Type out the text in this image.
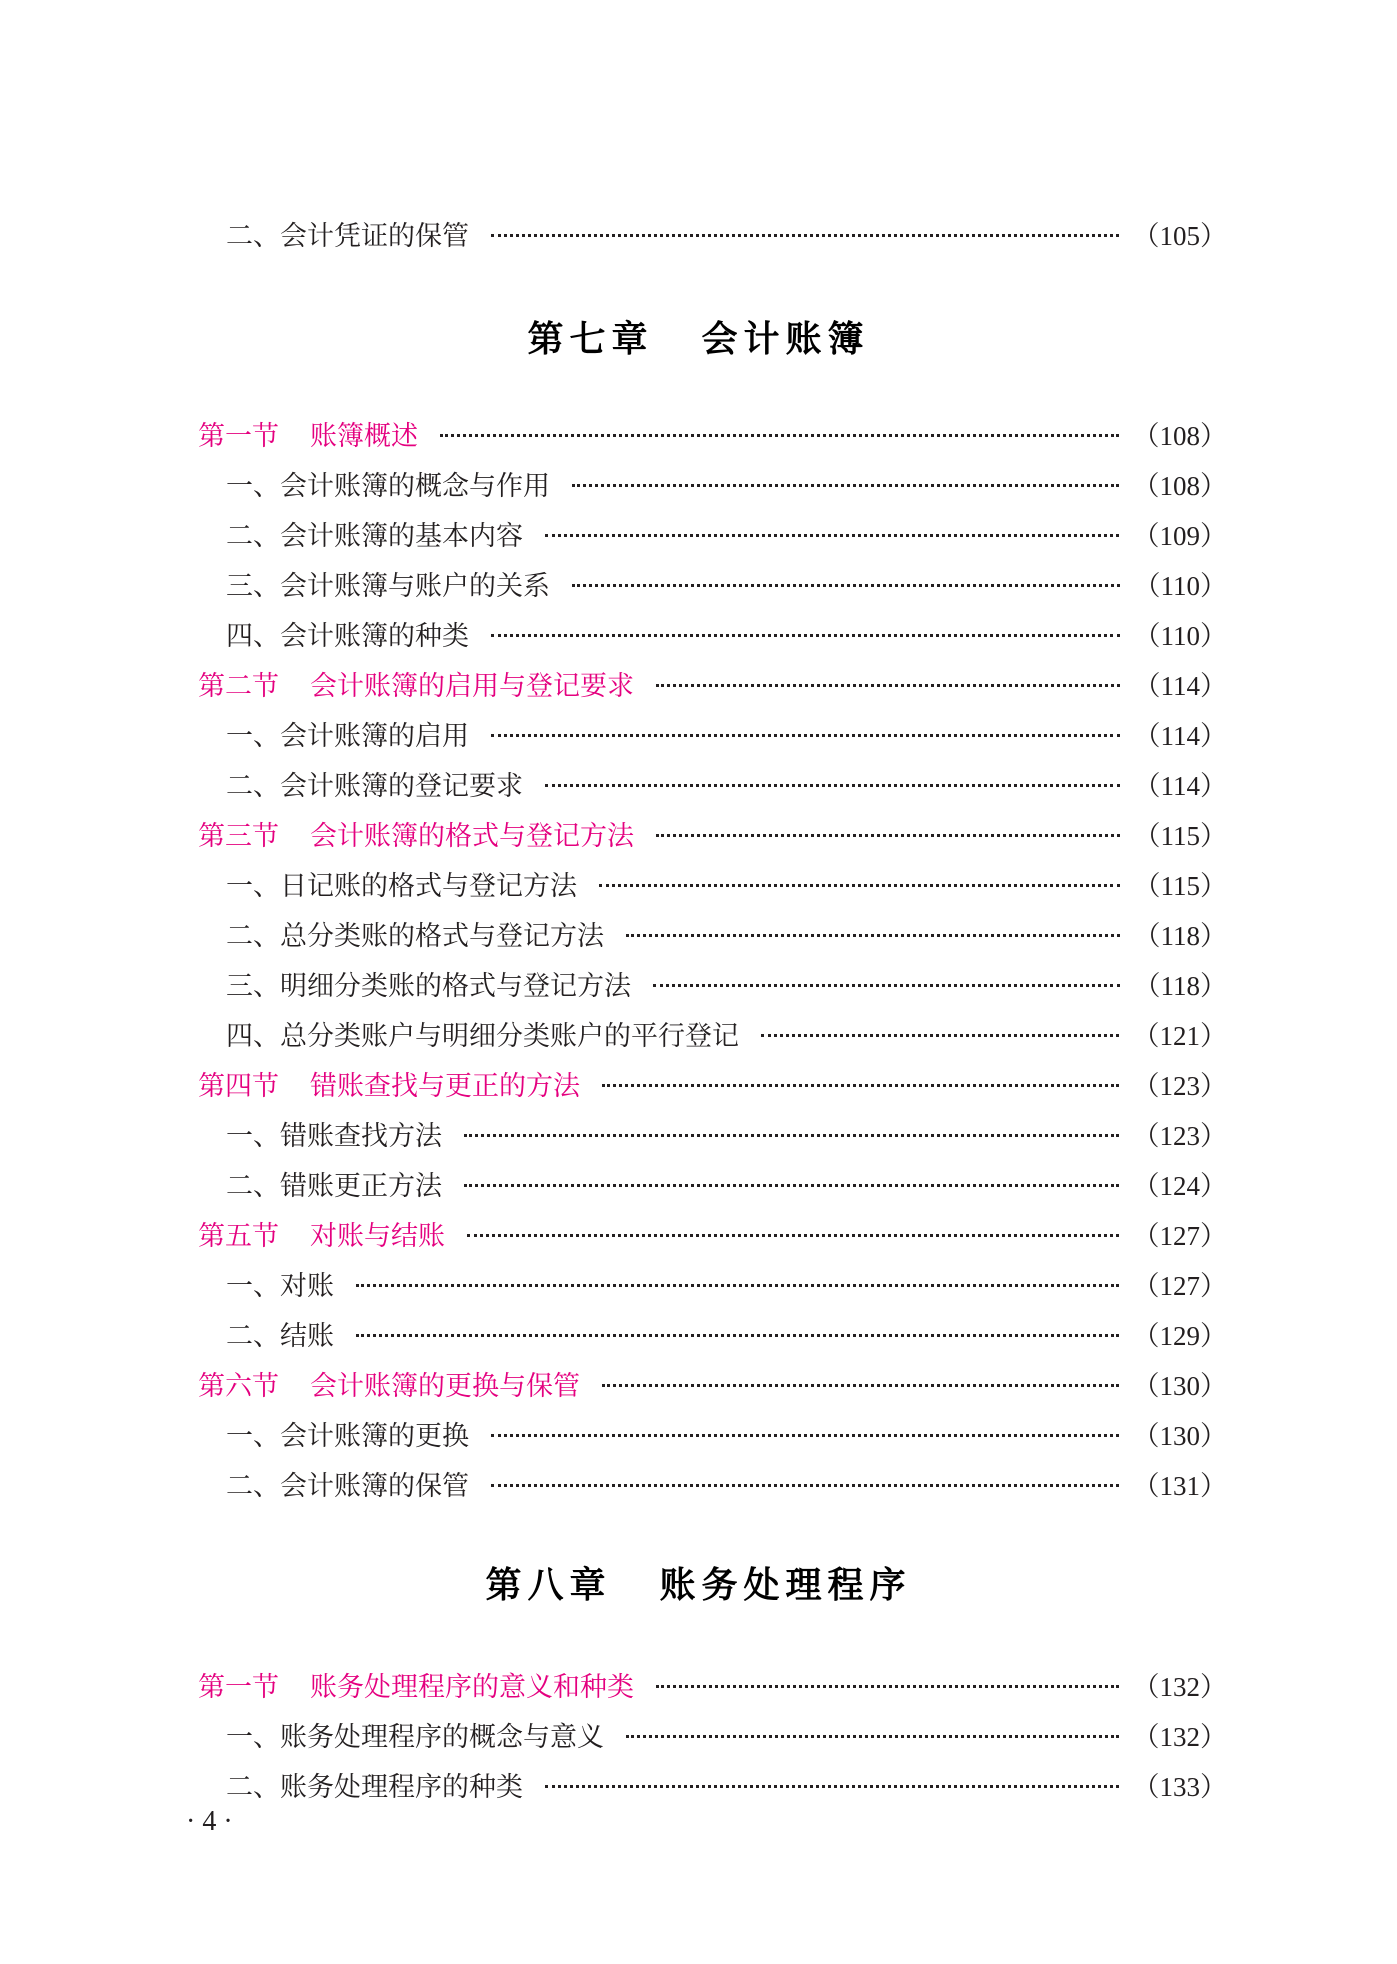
二、会计凭证的保管	（105）
第七章 会计账簿
第一节	账簿概述	（108）
一、会计账簿的概念与作用	（108）
二、会计账簿的基本内容	（109）
三、会计账簿与账户的关系	（110）
四、会计账簿的种类	（110）
第二节	会计账簿的启用与登记要求	（114）
一、会计账簿的启用	（114）
二、会计账簿的登记要求	（114）
第三节	会计账簿的格式与登记方法	（115）
一、日记账的格式与登记方法	（115）
二、总分类账的格式与登记方法	（118）
三、明细分类账的格式与登记方法	（118）
四、总分类账户与明细分类账户的平行登记	（121）
第四节	错账查找与更正的方法	（123）
一、错账查找方法	（123）
二、错账更正方法	（124）
第五节	对账与结账	（127）
一、对账	（127）
二、结账	（129）
第六节	会计账簿的更换与保管	（130）
一、会计账簿的更换	（130）
二、会计账簿的保管	（131）
第八章 账务处理程序
第一节	账务处理程序的意义和种类	（132）
一、账务处理程序的概念与意义	（132）
二、账务处理程序的种类	（133）
· 4 ·
